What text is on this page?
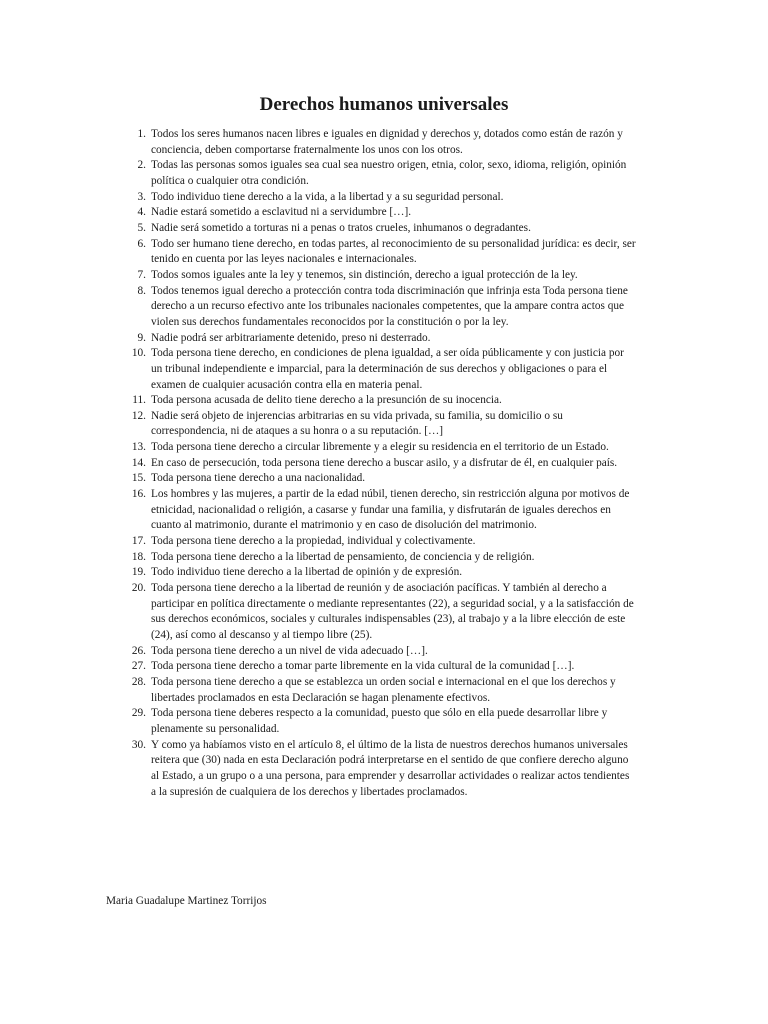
Derechos humanos universales
1. Todos los seres humanos nacen libres e iguales en dignidad y derechos y, dotados como están de razón y conciencia, deben comportarse fraternalmente los unos con los otros.
2. Todas las personas somos iguales sea cual sea nuestro origen, etnia, color, sexo, idioma, religión, opinión política o cualquier otra condición.
3. Todo individuo tiene derecho a la vida, a la libertad y a su seguridad personal.
4. Nadie estará sometido a esclavitud ni a servidumbre […].
5. Nadie será sometido a torturas ni a penas o tratos crueles, inhumanos o degradantes.
6. Todo ser humano tiene derecho, en todas partes, al reconocimiento de su personalidad jurídica: es decir, ser tenido en cuenta por las leyes nacionales e internacionales.
7. Todos somos iguales ante la ley y tenemos, sin distinción, derecho a igual protección de la ley.
8. Todos tenemos igual derecho a protección contra toda discriminación que infrinja esta Toda persona tiene derecho a un recurso efectivo ante los tribunales nacionales competentes, que la ampare contra actos que violen sus derechos fundamentales reconocidos por la constitución o por la ley.
9. Nadie podrá ser arbitrariamente detenido, preso ni desterrado.
10. Toda persona tiene derecho, en condiciones de plena igualdad, a ser oída públicamente y con justicia por un tribunal independiente e imparcial, para la determinación de sus derechos y obligaciones o para el examen de cualquier acusación contra ella en materia penal.
11. Toda persona acusada de delito tiene derecho a la presunción de su inocencia.
12. Nadie será objeto de injerencias arbitrarias en su vida privada, su familia, su domicilio o su correspondencia, ni de ataques a su honra o a su reputación. […]
13. Toda persona tiene derecho a circular libremente y a elegir su residencia en el territorio de un Estado.
14. En caso de persecución, toda persona tiene derecho a buscar asilo, y a disfrutar de él, en cualquier país.
15. Toda persona tiene derecho a una nacionalidad.
16. Los hombres y las mujeres, a partir de la edad núbil, tienen derecho, sin restricción alguna por motivos de etnicidad, nacionalidad o religión, a casarse y fundar una familia, y disfrutarán de iguales derechos en cuanto al matrimonio, durante el matrimonio y en caso de disolución del matrimonio.
17. Toda persona tiene derecho a la propiedad, individual y colectivamente.
18. Toda persona tiene derecho a la libertad de pensamiento, de conciencia y de religión.
19. Todo individuo tiene derecho a la libertad de opinión y de expresión.
20. Toda persona tiene derecho a la libertad de reunión y de asociación pacíficas. Y también al derecho a participar en política directamente o mediante representantes (22), a seguridad social, y a la satisfacción de sus derechos económicos, sociales y culturales indispensables (23), al trabajo y a la libre elección de este (24), así como al descanso y al tiempo libre (25).
26. Toda persona tiene derecho a un nivel de vida adecuado […].
27. Toda persona tiene derecho a tomar parte libremente en la vida cultural de la comunidad […].
28. Toda persona tiene derecho a que se establezca un orden social e internacional en el que los derechos y libertades proclamados en esta Declaración se hagan plenamente efectivos.
29. Toda persona tiene deberes respecto a la comunidad, puesto que sólo en ella puede desarrollar libre y plenamente su personalidad.
30. Y como ya habíamos visto en el artículo 8, el último de la lista de nuestros derechos humanos universales reitera que (30) nada en esta Declaración podrá interpretarse en el sentido de que confiere derecho alguno al Estado, a un grupo o a una persona, para emprender y desarrollar actividades o realizar actos tendientes a la supresión de cualquiera de los derechos y libertades proclamados.

Maria Guadalupe Martinez Torrijos
